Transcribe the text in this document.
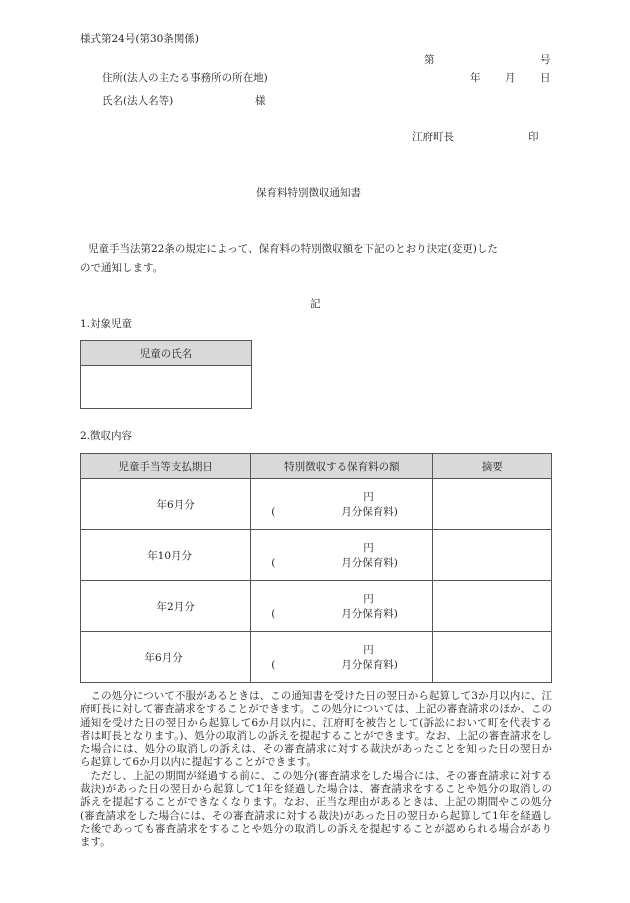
様式第24号(第30条関係)
第	号
住所(法人の主たる事務所の所在地)	年 月 日
氏名(法人名等)	様
江府町長	印
保育料特別徴収通知書
児童手当法第22条の規定によって、保育料の特別徴収額を下記のとおり決定(変更)した
ので通知します。
記
1.対象児童
児童の氏名

2.徴収内容
児童手当等支払期日	特別徴収する保育料の額	摘要
年6月分	円
( 月分保育料)	

年10月分	円
( 月分保育料)	

年2月分	円
( 月分保育料)	

年6月分	円
( 月分保育料)	

この処分について不服があるときは、この通知書を受けた日の翌日から起算して3か月以内に、江府町長に対して審査請求をすることができます。この処分については、上記の審査請求のほか、この通知を受けた日の翌日から起算して6か月以内に、江府町を被告として(訴訟において町を代表する者は町長となります。)、処分の取消しの訴えを提起することができます。なお、上記の審査請求をした場合には、処分の取消しの訴えは、その審査請求に対する裁決があったことを知った日の翌日から起算して6か月以内に提起することができます。

ただし、上記の期間が経過する前に、この処分(審査請求をした場合には、その審査請求に対する裁決)があった日の翌日から起算して1年を経過した場合は、審査請求をすることや処分の取消しの訴えを提起することができなくなります。なお、正当な理由があるときは、上記の期間やこの処分(審査請求をした場合には、その審査請求に対する裁決)があった日の翌日から起算して1年を経過した後であっても審査請求をすることや処分の取消しの訴えを提起することが認められる場合があります。
